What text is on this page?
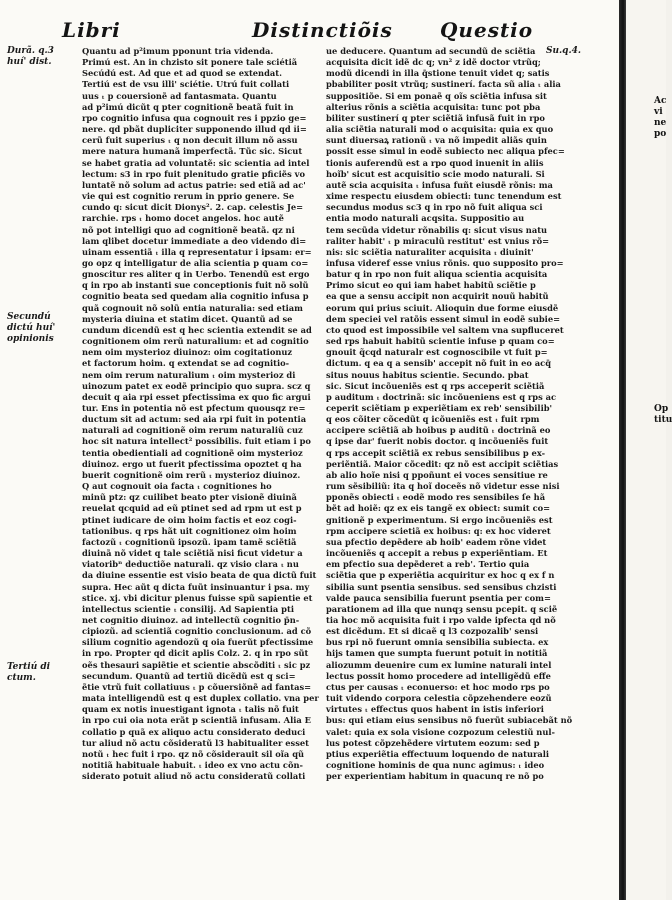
Libri	Distinctiõis Questio
Durã. q.3
huí' dist.
Secundú
dictú huí'
opinionis
Tertiú di
ctum.
Su.q.4.

Quantu ad p²imum pponunt tria videnda.

Primú est. An in chzisto sit ponere tale sciétiã

Secúdú est. Ad que et ad quod se extendat.

Tertiú est de vsu illi' sciétie. Utrú fuit collati

uus ₜ p couersionẽ ad fantasmata. Quantu

ad p²imú dicũt q pter cognitionẽ beatã fuit in

rpo cognitio infusa qua cognouit res i ppzio ge=

nere. qd pbãt dupliciter supponendo illud qd i̇i=

cerũ fuit superius ₜ q non decuit illum nõ assu

mere natura humanã imperfectã. Tũc sic. Sicut

se habet gratia ad voluntatẽ: sic scientia ad intel

lectum: s3 in rpo fuit plenitudo gratie pficiẽs vo

luntatẽ nõ solum ad actus patrie: sed etiã ad ac'

vie qui est cognitio rerum in pprio genere. Se

cundo q: sicut dicit Dionys². 2. cap. celestis Je=

rarchie. rps ₜ homo docet angelos. hoc autẽ

nõ pot intelligi quo ad cognitionẽ beatã. qz ni

lam qlibet docetur immediate a deo videndo di=

uinam essentiã ₜ illa q representatur i ipsam: er=

go opz q intelligatur de alia scientia p quam co=

gnoscitur res aliter q in Uerbo. Tenendũ est ergo

q in rpo ab instanti sue conceptionis fuit nõ solũ

cognitio beata sed quedam alia cognitio infusa p

quã cognouit nõ solũ entia naturalia: sed etiam

mysteria diuina et statim dicet. Quantũ ad se

cundum dicendũ est q hec scientia extendit se ad

cognitionem oim rerũ naturalium: et ad cognitio

nem oim mysterioz diuinoz: oim cogitationuz

et factorum hoim. q extendat se ad cognitio-

nem oim rerum naturalium ₜ oim mysterioz di

uinozum patet ex eodẽ principio quo supra. scz q

decuit q aia rpi esset pfectissima ex quo fic argui

tur. Ens in potentia nõ est pfectum quousqz re=

ductum sit ad actum: sed aia rpi fuit in potentia

naturali ad cognitionẽ oim rerum naturaliũ cuz

hoc sit natura intellect² possibilis. fuit etiam i po

tentia obedientiali ad cognitionẽ oim mysterioz

diuinoz. ergo ut fuerit pfectissima opoztet q ha

buerit cognitionẽ oim rerũ ₜ mysterioz diuinoz.

Q aut cognouit oia facta ₜ cognitiones ho

minũ ptz: qz cuilibet beato pter visionẽ diuinã

reuelat qcquid ad eũ ptinet sed ad rpm ut est p

ptinet iudicare de oim hoim factis et eoz cogi-

tationibus. q rps hãt uit cognitionez oim hoim

factozũ ₜ cognitionũ ipsozũ. ipam tamẽ sciẽtiã

diuinã nõ videt q tale sciẽtiã nisi ficut videtur a

viatoribⁿ deductiõe naturali. qz visio clara ₜ nu

da diuine essentie est visio beata de qua dictũ fuit

supra. Hec aũt q dicta fuũt insinuantur i psa. my

stice. xj. vbi dicitur plenus fuisse spũ sapientie et

intellectus scientie ₜ consilij. Ad Sapientia pti

net cognitio diuinoz. ad intellectũ cognitio p̄n-

cipiozũ. ad scientiã cognitio conclusionum. ad cõ

silium cognitio agendozũ q oia fuerũt pfectissime

in rpo. Propter qd dicit aplis Colz. 2. q in rpo sũt

oẽs thesauri sapiẽtie et scientie abscõditi ₜ sic pz

secundum. Quantũ ad tertiũ dicẽdũ est q sci=

ẽtie vtrũ fuit collatiuus ₜ p cõuersiõnẽ ad fantas=

mata intelligendũ est q est duplex collatio. vna per

quam ex notis inuestigant ignota ₜ talis nõ fuit

in rpo cui oia nota erãt p scientiã infusam. Alia E

collatio p quã ex aliquo actu considerato deduci

tur aliud nõ actu cõsideratũ l3 habitualiter esset

notũ ₜ hec fuit i rpo. qz nõ cõsiderauit sil oĩa qũ

notitiã habituale habuit. ₜ ideo ex vno actu cõn-

siderato potuit aliud nõ actu consideratũ collati

ue deducere. Quantum ad secundũ de sciẽtia

acquisita dicit idẽ dc q; vn² z idẽ doctor vtrũq;

modũ dicendi in illa q̄stione tenuit videt q; satis

pbabiliter posit vtrũq; sustinerí. facta sũ alia ₜ alia

suppositiõe. Si em ponaẽ q oĩs sciẽtia infusa sit

alterius rõnis a sciẽtia acquisita: tunc pot pba

biliter sustinerí q pter sciẽtiã infusã fuit in rpo

alia sciẽtia naturali mod o acquisita: quia ex quo

sunt diuersaꝝ rationũ ₜ va nõ impedit aliãs quin

possit esse simul in eodẽ subiecto nec aliqua pfec=

tionis auferendũ est a rpo quod inuenit in aliis

hoĩb' sicut est acquisitio scie modo naturali. Si

autẽ scia acquisita ₜ infusa fuñt eiusdẽ rõnis: ma

xime respectu eiusdem obiecti: tunc tenendum est

secundus modus sc3 q in rpo nõ fuit aliqua sci

entia modo naturali acqsita. Suppositio au

tem secũda videtur rõnabilis q: sicut visus natu

raliter habit' ₜ p miraculũ restitut' est vnius rõ=

nis: sic sciẽtia naturaliter acquisita ₜ diuinit'

infusa videref esse vnius rõnis. quo supposito pro=

batur q in rpo non fuit aliqua scientia acquisita

Primo sicut eo qui iam habet habitũ sciẽtie p

ea que a sensu accipit non acquirit nouũ habitũ

eorum qui prius sciuit. Alioquin due forme eiusdẽ

dem speciei vel ratõis essent simul in eodẽ subie=

cto quod est impossibile vel saltem vna supfluceret

sed rps habuit habitũ scientie infuse p quam co=

gnouit q̃cqd naturalr est cognoscibile vt fuit p=

dictum. q ea q a sensib' accepit nõ fuit in eo acq̄

situs nouus habitus scientie. Secundo. pbat

sic. Sicut incõueniẽs est q rps acceperit sciẽtiã

p auditum ₜ doctrinã: sic incõueniens est q rps ac

ceperit sciẽtiam p experiẽtiam ex reb' sensibilib'

q eos cõiter cõcedũt q icõueniẽs est ₜ fuit rpm

accipere sciẽtiã ab hoibus p auditũ ₜ doctrinã eo

q ipse dar' fuerit nobis doctor. q incõueniẽs fuit

q rps accepit sciẽtiã ex rebus sensibilibus p ex-

periẽntiã. Maior cõcedit: qz nõ est accipit sciẽtias

ab alio hoĩe nisi q ppoñunt ei voces sensitiue re

rum sẽsibiliũ: ita q hoĩ doceẽs nõ videtur esse nisi

pponẽs obiecti ₜ eodẽ modo res sensibiles ſe hã

bẽt ad hoiẽ: qz ex eis tangẽ ex obiect: sumit co=

gnitionẽ p experimentum. Si ergo incõueniẽs est

rpm accipere scietiã ex hoibus: q: ex hoc videret

sua pfectio depẽdere ab hoib' eadem rõne videt

incõueniẽs q accepit a rebus p experiẽntiam. Et

em pfectio sua depẽderet a reb'. Tertio quia

sciẽtia que p experiẽtia acquiritur ex hoc q ex f n

sibilia sunt psentia sensibus. sed sensibus chzisti

valde pauca sensibilia fuerunt psentia per com=

parationem ad illa que nunqȝ sensu pcepit. q sciẽ

tia hoc mõ acquisita fuit i rpo valde ipfecta qd nõ

est dicẽdum. Et si dicaẽ q l3 cozpozalib' sensi

bus rpi nõ fuerunt omnia sensibilia subiecta. ex

hijs tamen que sumpta fuerunt potuit in notitiã

aliozumm deuenire cum ex lumine naturali intel

lectus possit homo procedere ad intelligẽdũ effe

ctus per causas ₜ econuerso: et hoc modo rps po

tuit videndo corpora celestia cõpzehendere eozũ

virtutes ₜ effectus quos habent in istis inferiori

bus: qui etiam eius sensibus nõ fuerũt subiacebãt nõ

valet: quia ex sola visione cozpozum celestiũ nul-

lus potest cõpzehẽdere virtutem eozum: sed p

ptius experiẽtia effectuum loquendo de naturali

cognitione hominis de qua nunc agimus: ₜ ideo

per experientiam habitum in quacunq re nõ po

Ac
vi
ne
po
Op
titu
